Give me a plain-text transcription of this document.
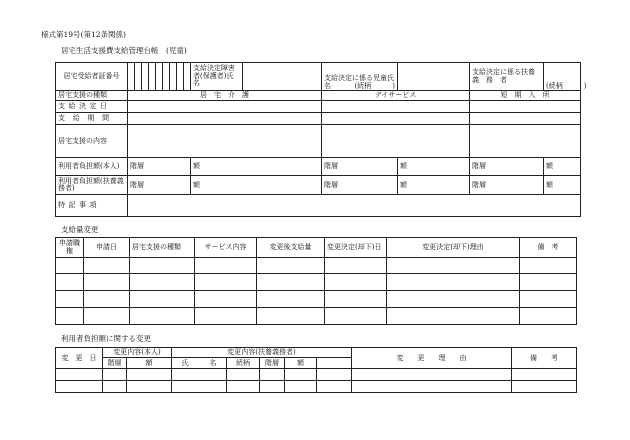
様式第19号(第12条関係)
居宅生活支援費支給管理台帳　(児童)
居宅受給者証番号										支給決定障害者(保護者)氏名		支給決定に係る児童氏　　　名 (続柄　　　)		支給決定に係る扶養義　務　者	(続柄　　　)
居宅支援の種類	居　宅　介　護											デイサービス		短　期　入　所	
支給決定日															
支給期間															
居宅支援の内容															
利用者負担額(本人)	階層									額		階層	額	階層	額
利用者負担額(扶養義務者)	階層									額		階層	額	階層	額
特記事項															
支給量変更
申請職権	申請日	居宅支援の種類	サービス内容	変更後支給量	変更決定(却下)日	変更決定(却下)理由	備　考

利用者負担額に関する変更
変　更　日	変更内容(本人)		変更内容(扶養義務者)					変　　更　　理　　由	備　　考
	階層	額	氏　　　名	続柄	階層	額			
